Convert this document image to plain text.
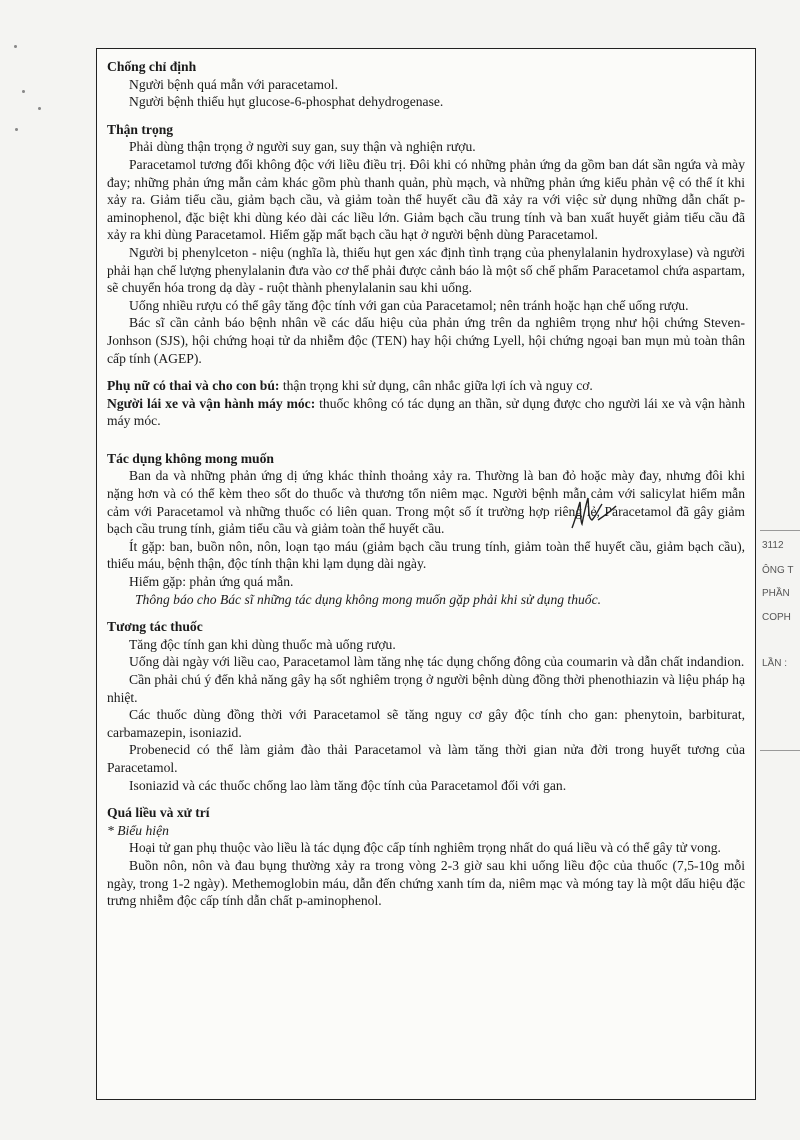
Chống chỉ định

Người bệnh quá mẫn với paracetamol.

Người bệnh thiếu hụt glucose-6-phosphat dehydrogenase.

Thận trọng

Phải dùng thận trọng ở người suy gan, suy thận và nghiện rượu.

Paracetamol tương đối không độc với liều điều trị. Đôi khi có những phản ứng da gồm ban dát sần ngứa và mày đay; những phản ứng mẫn cảm khác gồm phù thanh quản, phù mạch, và những phản ứng kiểu phản vệ có thể ít khi xảy ra. Giảm tiểu cầu, giảm bạch cầu, và giảm toàn thể huyết cầu đã xảy ra với việc sử dụng những dẫn chất p-aminophenol, đặc biệt khi dùng kéo dài các liều lớn. Giảm bạch cầu trung tính và ban xuất huyết giảm tiểu cầu đã xảy ra khi dùng Paracetamol. Hiếm gặp mất bạch cầu hạt ở người bệnh dùng Paracetamol.

Người bị phenylceton - niệu (nghĩa là, thiếu hụt gen xác định tình trạng của phenylalanin hydroxylase) và người phải hạn chế lượng phenylalanin đưa vào cơ thể phải được cảnh báo là một số chế phẩm Paracetamol chứa aspartam, sẽ chuyển hóa trong dạ dày - ruột thành phenylalanin sau khi uống.

Uống nhiều rượu có thể gây tăng độc tính với gan của Paracetamol; nên tránh hoặc hạn chế uống rượu.

Bác sĩ cần cảnh báo bệnh nhân về các dấu hiệu của phản ứng trên da nghiêm trọng như hội chứng Steven-Jonhson (SJS), hội chứng hoại tử da nhiễm độc (TEN) hay hội chứng Lyell, hội chứng ngoại ban mụn mủ toàn thân cấp tính (AGEP).

Phụ nữ có thai và cho con bú: thận trọng khi sử dụng, cân nhắc giữa lợi ích và nguy cơ.

Người lái xe và vận hành máy móc: thuốc không có tác dụng an thần, sử dụng được cho người lái xe và vận hành máy móc.

Tác dụng không mong muốn

Ban da và những phản ứng dị ứng khác thỉnh thoảng xảy ra. Thường là ban đỏ hoặc mày đay, nhưng đôi khi nặng hơn và có thể kèm theo sốt do thuốc và thương tổn niêm mạc. Người bệnh mẫn cảm với salicylat hiếm mẫn cảm với Paracetamol và những thuốc có liên quan. Trong một số ít trường hợp riêng lẻ, Paracetamol đã gây giảm bạch cầu trung tính, giảm tiểu cầu và giảm toàn thể huyết cầu.

Ít gặp: ban, buồn nôn, nôn, loạn tạo máu (giảm bạch cầu trung tính, giảm toàn thể huyết cầu, giảm bạch cầu), thiếu máu, bệnh thận, độc tính thận khi lạm dụng dài ngày.

Hiếm gặp: phản ứng quá mẫn.

Thông báo cho Bác sĩ những tác dụng không mong muốn gặp phải khi sử dụng thuốc.

Tương tác thuốc

Tăng độc tính gan khi dùng thuốc mà uống rượu.

Uống dài ngày với liều cao, Paracetamol làm tăng nhẹ tác dụng chống đông của coumarin và dẫn chất indandion.

Cần phải chú ý đến khả năng gây hạ sốt nghiêm trọng ở người bệnh dùng đồng thời phenothiazin và liệu pháp hạ nhiệt.

Các thuốc dùng đồng thời với Paracetamol sẽ tăng nguy cơ gây độc tính cho gan: phenytoin, barbiturat, carbamazepin, isoniazid.

Probenecid có thể làm giảm đào thải Paracetamol và làm tăng thời gian nửa đời trong huyết tương của Paracetamol.

Isoniazid và các thuốc chống lao làm tăng độc tính của Paracetamol đối với gan.

Quá liều và xử trí
* Biểu hiện

Hoại tử gan phụ thuộc vào liều là tác dụng độc cấp tính nghiêm trọng nhất do quá liều và có thể gây tử vong.

Buồn nôn, nôn và đau bụng thường xảy ra trong vòng 2-3 giờ sau khi uống liều độc của thuốc (7,5-10g mỗi ngày, trong 1-2 ngày). Methemoglobin máu, dẫn đến chứng xanh tím da, niêm mạc và móng tay là một dấu hiệu đặc trưng nhiễm độc cấp tính dẫn chất p-aminophenol.

3112
ÔNG T
PHẦN
COPH
LẦN :
